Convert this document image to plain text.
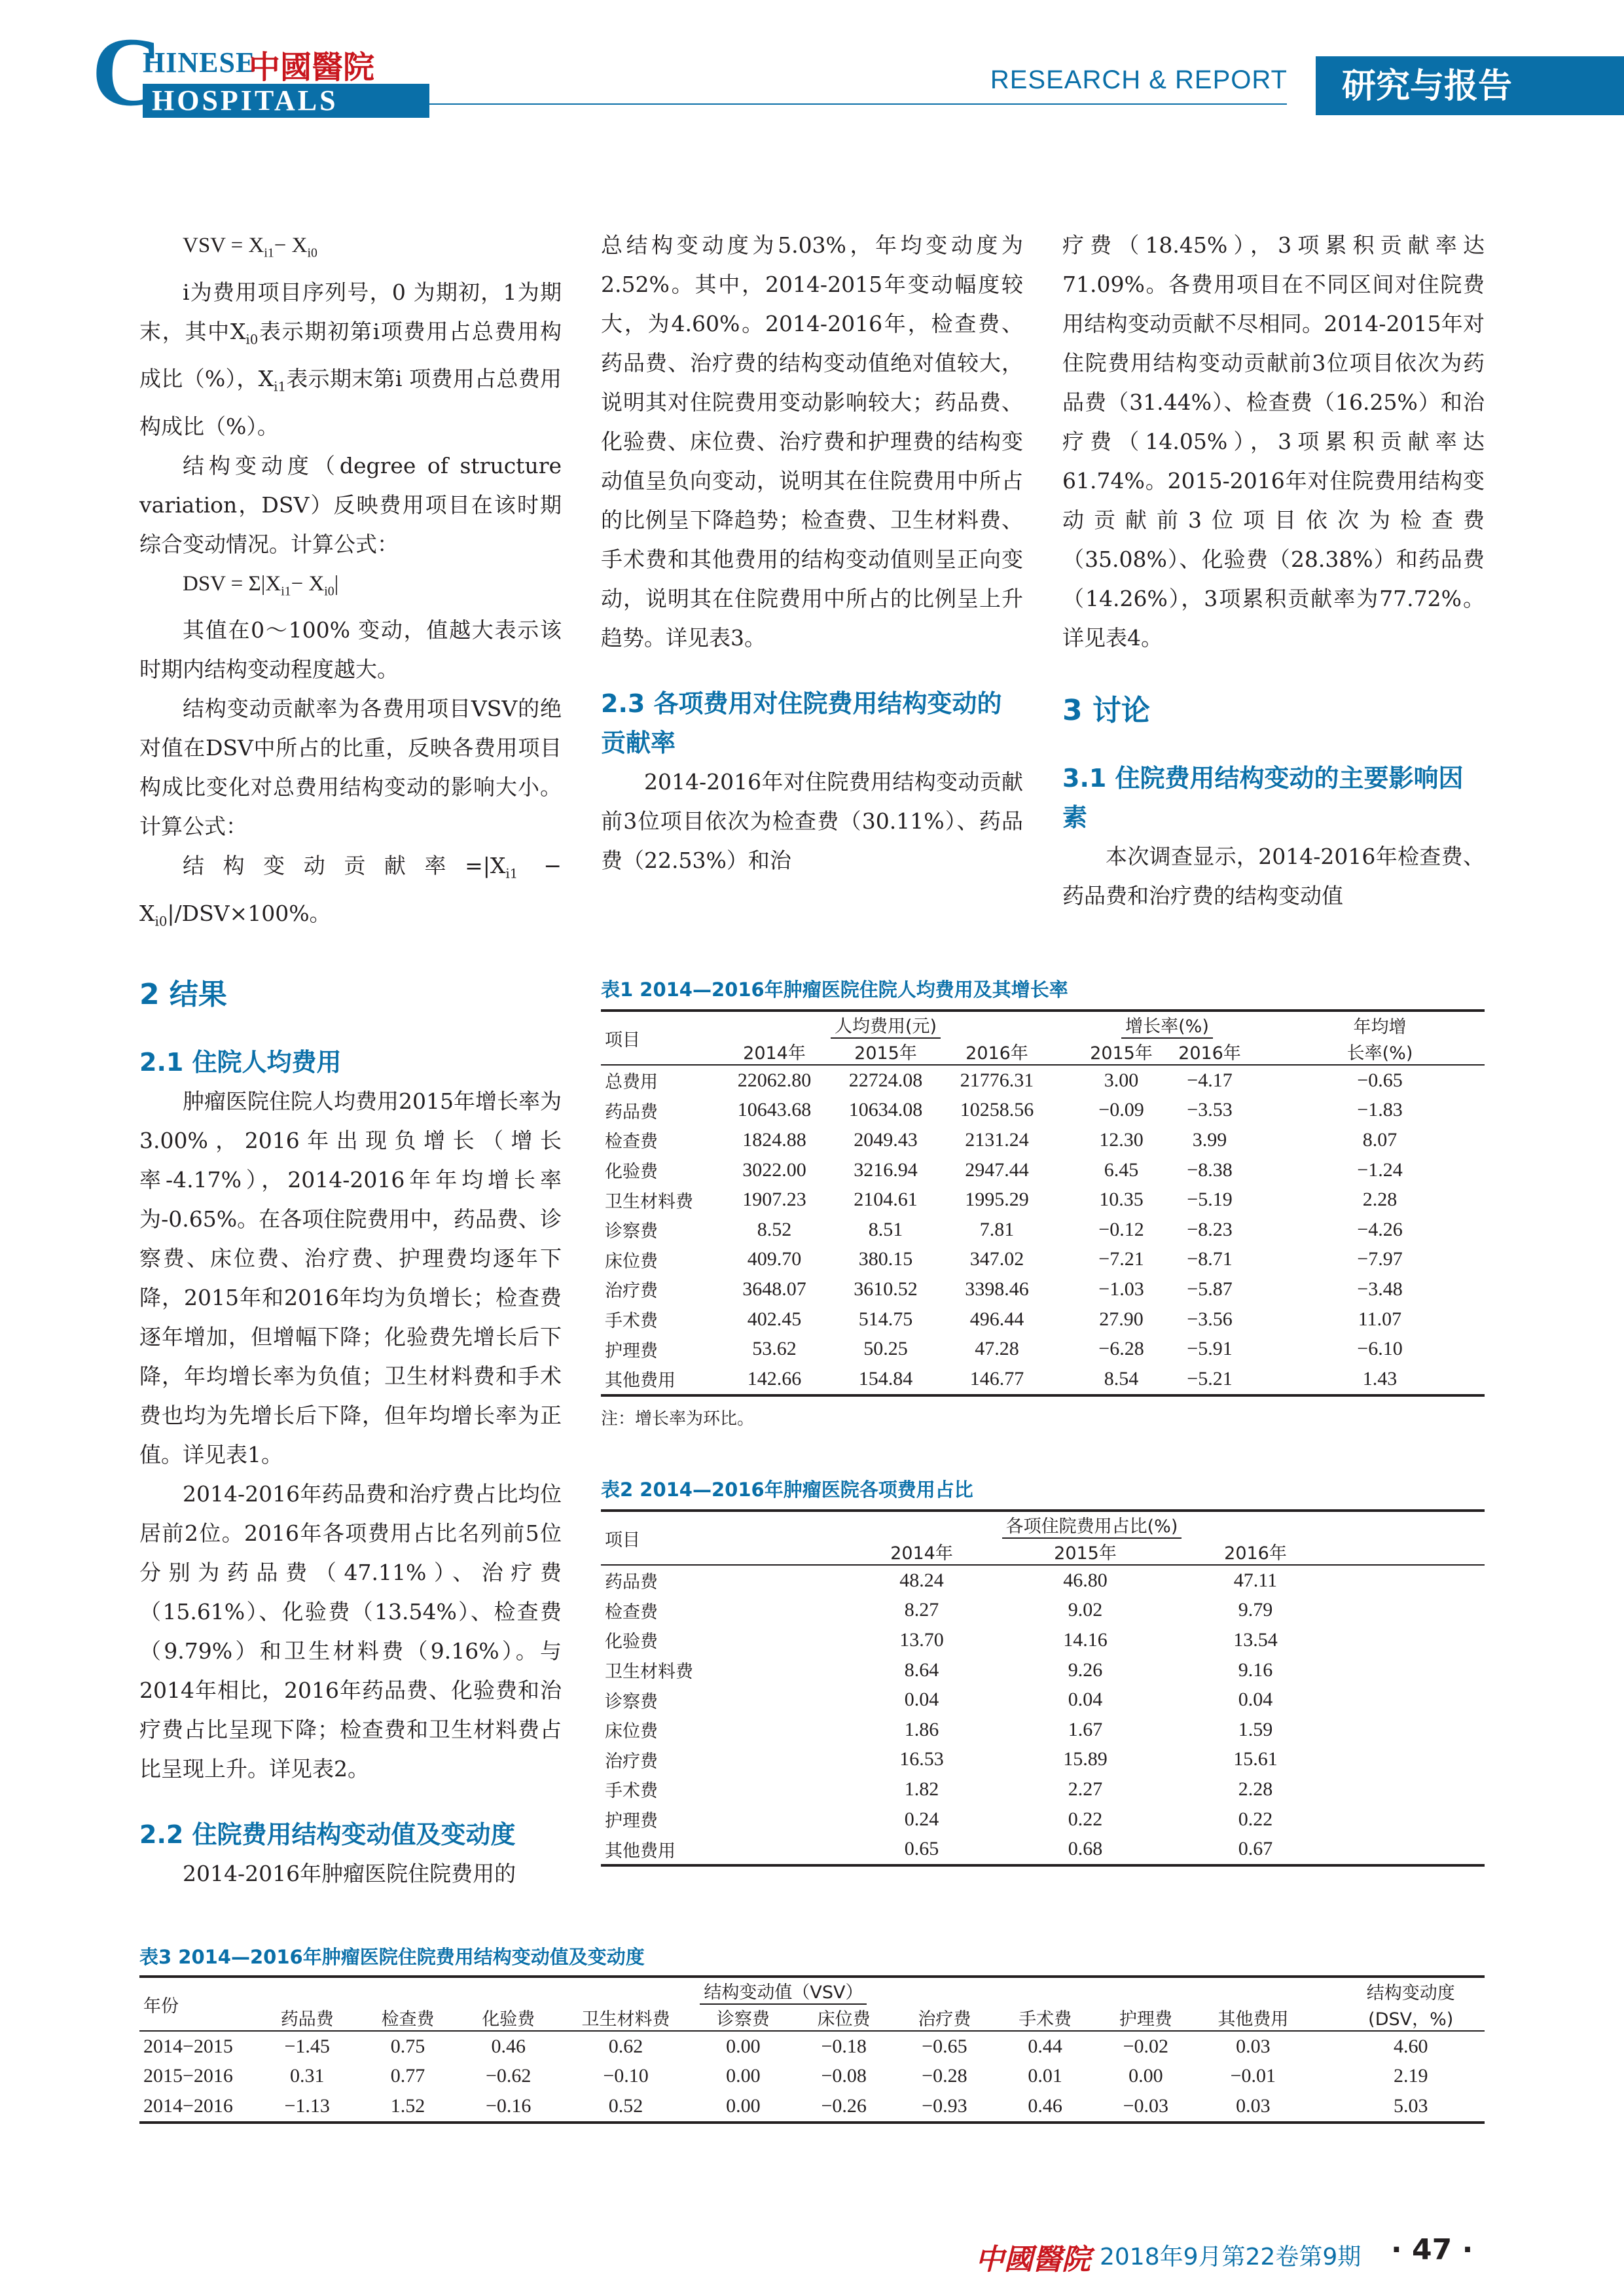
C
HINESE
中國醫院
HOSPITALS
RESEARCH & REPORT 研究与报告
VSV = $X_{i1}- X_{i0}$

i为费用项目序列号，0 为期初，1为期末，其中$X_{i0}$表示期初第i项费用占总费用构成比（%），$X_{i1}$表示期末第i 项费用占总费用构成比（%）。

结构变动度（degree of structure variation，DSV）反映费用项目在该时期综合变动情况。计算公式：

DSV = $\Sigma|X_{i1}- X_{i0}|$

其值在0～100% 变动，值越大表示该时期内结构变动程度越大。

结构变动贡献率为各费用项目VSV的绝对值在DSV中所占的比重，反映各费用项目构成比变化对总费用结构变动的影响大小。计算公式：

结构变动贡献率$=|X_{i1} - X_{i0}|/DSV\times 100\%$。

2 结果
2.1 住院人均费用

肿瘤医院住院人均费用2015年增长率为3.00%，2016年出现负增长（增长率-4.17%），2014-2016年年均增长率为-0.65%。在各项住院费用中，药品费、诊察费、床位费、治疗费、护理费均逐年下降，2015年和2016年均为负增长；检查费逐年增加，但增幅下降；化验费先增长后下降，年均增长率为负值；卫生材料费和手术费也均为先增长后下降，但年均增长率为正值。详见表1。

2014-2016年药品费和治疗费占比均位居前2位。2016年各项费用占比名列前5位分别为药品费（47.11%）、治疗费（15.61%）、化验费（13.54%）、检查费（9.79%）和卫生材料费（9.16%）。与2014年相比，2016年药品费、化验费和治疗费占比呈现下降；检查费和卫生材料费占比呈现上升。详见表2。

2.2 住院费用结构变动值及变动度

2014-2016年肿瘤医院住院费用的

总结构变动度为5.03%，年均变动度为2.52%。其中，2014-2015年变动幅度较大，为4.60%。2014-2016年，检查费、药品费、治疗费的结构变动值绝对值较大，说明其对住院费用变动影响较大；药品费、化验费、床位费、治疗费和护理费的结构变动值呈负向变动，说明其在住院费用中所占的比例呈下降趋势；检查费、卫生材料费、手术费和其他费用的结构变动值则呈正向变动，说明其在住院费用中所占的比例呈上升趋势。详见表3。

2.3 各项费用对住院费用结构变动的贡献率

2014-2016年对住院费用结构变动贡献前3位项目依次为检查费（30.11%）、药品费（22.53%）和治

疗费（18.45%），3项累积贡献率达71.09%。各费用项目在不同区间对住院费用结构变动贡献不尽相同。2014-2015年对住院费用结构变动贡献前3位项目依次为药品费（31.44%）、检查费（16.25%）和治疗费（14.05%），3项累积贡献率达61.74%。2015-2016年对住院费用结构变动贡献前3位项目依次为检查费（35.08%）、化验费（28.38%）和药品费（14.26%），3项累积贡献率为77.72%。详见表4。

3 讨论
3.1 住院费用结构变动的主要影响因素

本次调查显示，2014-2016年检查费、药品费和治疗费的结构变动值

表1 2014—2016年肿瘤医院住院人均费用及其增长率
项目	人均费用(元)				增长率(%)			年均增
	2014年	2015年	2016年		2015年	2016年		长率(%)
总费用	22062.80	22724.08	21776.31		3.00	−4.17		−0.65
药品费	10643.68	10634.08	10258.56		−0.09	−3.53		−1.83
检查费	1824.88	2049.43	2131.24		12.30	3.99		8.07
化验费	3022.00	3216.94	2947.44		6.45	−8.38		−1.24
卫生材料费	1907.23	2104.61	1995.29		10.35	−5.19		2.28
诊察费	8.52	8.51	7.81		−0.12	−8.23		−4.26
床位费	409.70	380.15	347.02		−7.21	−8.71		−7.97
治疗费	3648.07	3610.52	3398.46		−1.03	−5.87		−3.48
手术费	402.45	514.75	496.44		27.90	−3.56		11.07
护理费	53.62	50.25	47.28		−6.28	−5.91		−6.10
其他费用	142.66	154.84	146.77		8.54	−5.21		1.43
注：增长率为环比。
表2 2014—2016年肿瘤医院各项费用占比
项目	各项住院费用占比(%)			
	2014年	2015年	2016年	
药品费	48.24	46.80	47.11	
检查费	8.27	9.02	9.79	
化验费	13.70	14.16	13.54	
卫生材料费	8.64	9.26	9.16	
诊察费	0.04	0.04	0.04	
床位费	1.86	1.67	1.59	
治疗费	16.53	15.89	15.61	
手术费	1.82	2.27	2.28	
护理费	0.24	0.22	0.22	
其他费用	0.65	0.68	0.67	
表3 2014—2016年肿瘤医院住院费用结构变动值及变动度
年份	结构变动值（VSV）											结构变动度
	药品费	检查费	化验费	卫生材料费	诊察费	床位费	治疗费	手术费	护理费	其他费用		(DSV，%)
2014−2015	−1.45	0.75	0.46	0.62	0.00	−0.18	−0.65	0.44	−0.02	0.03		4.60
2015−2016	0.31	0.77	−0.62	−0.10	0.00	−0.08	−0.28	0.01	0.00	−0.01		2.19
2014−2016	−1.13	1.52	−0.16	0.52	0.00	−0.26	−0.93	0.46	−0.03	0.03		5.03
中國醫院 2018年9月第22卷第9期 · 47 ·
